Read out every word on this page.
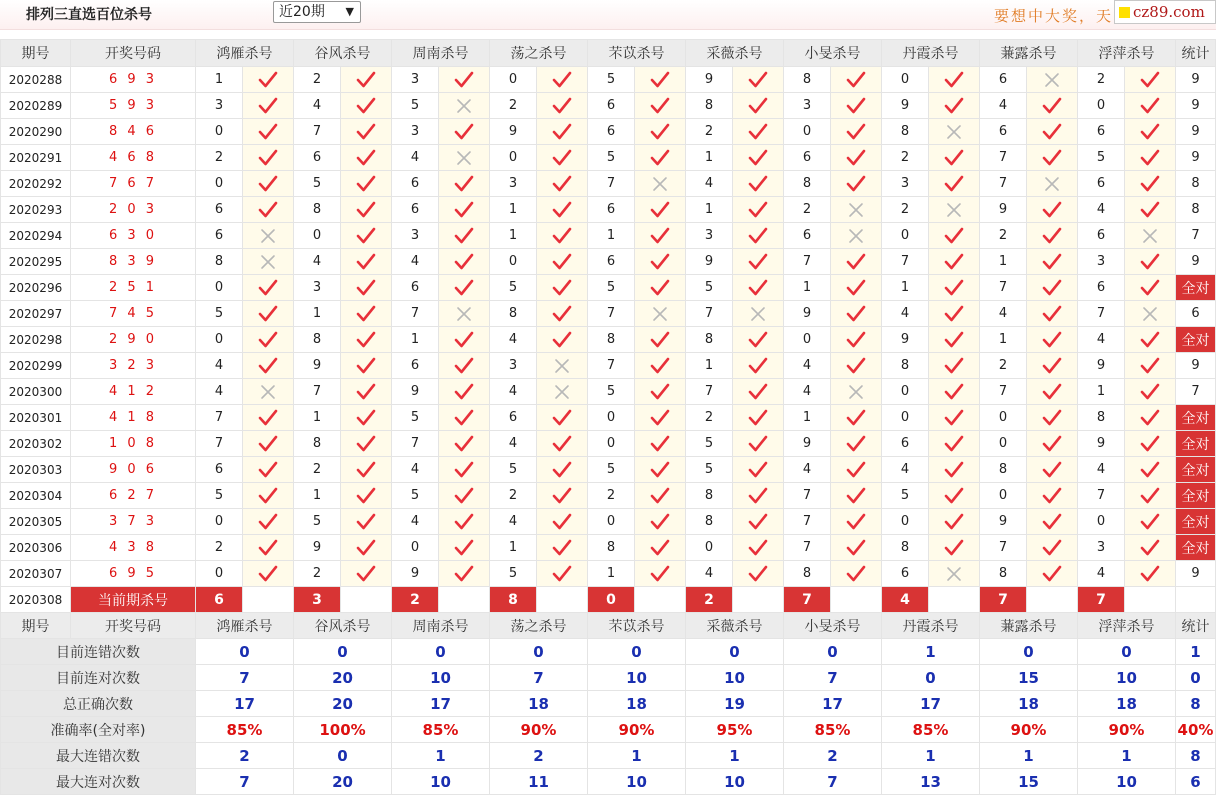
排列三直选百位杀号	近20期 ▼	要想中大奖，天	cz89.com
期号	开奖号码	鸿雁杀号		谷风杀号		周南杀号		荡之杀号		芣苡杀号		采薇杀号		小旻杀号		丹霞杀号		蒹露杀号		浮萍杀号		统计
2020288	6 9 3	1		2		3		0		5		9		8		0		6		2		9
2020289	5 9 3	3		4		5		2		6		8		3		9		4		0		9
2020290	8 4 6	0		7		3		9		6		2		0		8		6		6		9
2020291	4 6 8	2		6		4		0		5		1		6		2		7		5		9
2020292	7 6 7	0		5		6		3		7		4		8		3		7		6		8
2020293	2 0 3	6		8		6		1		6		1		2		2		9		4		8
2020294	6 3 0	6		0		3		1		1		3		6		0		2		6		7
2020295	8 3 9	8		4		4		0		6		9		7		7		1		3		9
2020296	2 5 1	0		3		6		5		5		5		1		1		7		6		全对
2020297	7 4 5	5		1		7		8		7		7		9		4		4		7		6
2020298	2 9 0	0		8		1		4		8		8		0		9		1		4		全对
2020299	3 2 3	4		9		6		3		7		1		4		8		2		9		9
2020300	4 1 2	4		7		9		4		5		7		4		0		7		1		7
2020301	4 1 8	7		1		5		6		0		2		1		0		0		8		全对
2020302	1 0 8	7		8		7		4		0		5		9		6		0		9		全对
2020303	9 0 6	6		2		4		5		5		5		4		4		8		4		全对
2020304	6 2 7	5		1		5		2		2		8		7		5		0		7		全对
2020305	3 7 3	0		5		4		4		0		8		7		0		9		0		全对
2020306	4 3 8	2		9		0		1		8		0		7		8		7		3		全对
2020307	6 9 5	0		2		9		5		1		4		8		6		8		4		9
2020308	当前期杀号	6		3		2		8		0		2		7		4		7		7		
期号	开奖号码	鸿雁杀号		谷风杀号		周南杀号		荡之杀号		芣苡杀号		采薇杀号		小旻杀号		丹霞杀号		蒹露杀号		浮萍杀号		统计
目前连错次数		0		0		0		0		0		0		0		1		0		0		1
目前连对次数		7		20		10		7		10		10		7		0		15		10		0
总正确次数		17		20		17		18		18		19		17		17		18		18		8
准确率(全对率)		85%		100%		85%		90%		90%		95%		85%		85%		90%		90%		40%
最大连错次数		2		0		1		2		1		1		2		1		1		1		8
最大连对次数		7		20		10		11		10		10		7		13		15		10		6
